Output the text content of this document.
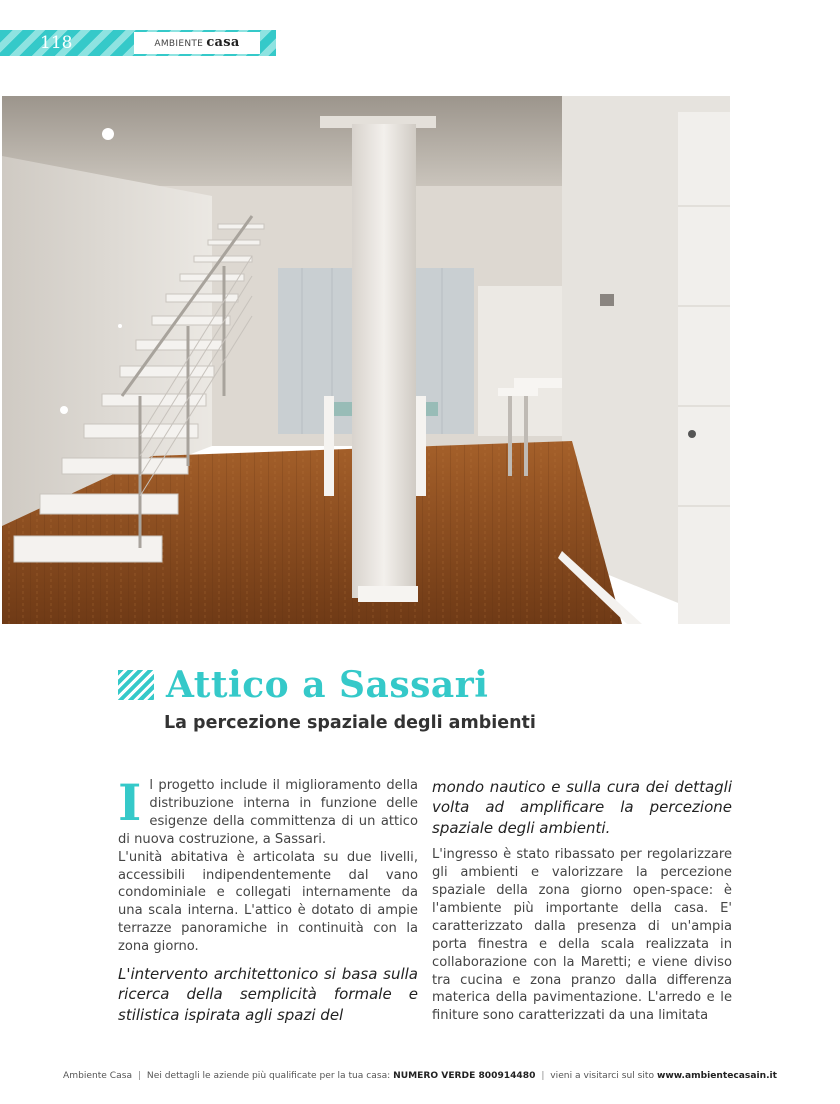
118	AMBIENTE casa
Attico a Sassari
La percezione spaziale degli ambienti
I l progetto include il miglioramento della distribuzione interna in funzione delle esigenze della committenza di un attico di nuova costruzione, a Sassari.

L'unità abitativa è articolata su due livelli, accessibili indipendentemente dal vano condominiale e collegati internamente da una scala interna. L'attico è dotato di ampie terrazze panoramiche in continuità con la zona giorno.

L'intervento architettonico si basa sulla ricerca della semplicità formale e stilistica ispirata agli spazi del

mondo nautico e sulla cura dei dettagli volta ad amplificare la percezione spaziale degli ambienti.

L'ingresso è stato ribassato per regolarizzare gli ambienti e valorizzare la percezione spaziale della zona giorno open-space: è l'ambiente più importante della casa. E' caratterizzato dalla presenza di un'ampia porta finestra e della scala realizzata in collaborazione con la Maretti; e viene diviso tra cucina e zona pranzo dalla differenza materica della pavimentazione. L'arredo e le finiture sono caratterizzati da una limitata

Ambiente Casa | Nei dettagli le aziende più qualificate per la tua casa: NUMERO VERDE 800914480 | vieni a visitarci sul sito www.ambientecasain.it
